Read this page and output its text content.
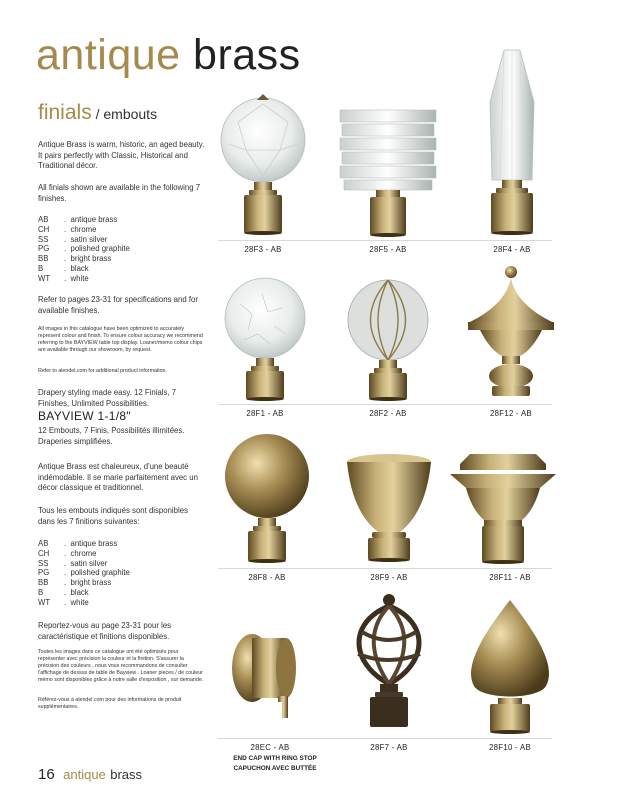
antique brass
finials / embouts
Antique Brass is warm, historic, an aged beauty. It pairs perfectly with Classic, Historical and Traditional décor.
All finials shown are available in the following 7 finishes.
AB	. antique brass
CH	. chrome
SS	. satin silver
PG	. polished graphite
BB	. bright brass
B	. black
WT	. white
Refer to pages 23-31 for specifications and for available finishes.
All images in this catalogue have been optimized to accurately represent colour and finish. To ensure colour accuracy we recommend referring to the BAYVIEW table top display. Loaner/memo colour chips are available through our showroom, by request.
Refer to alendel.com for additional product information.
Drapery styling made easy. 12 Finials, 7 Finishes, Unlimited Possibilities.
BAYVIEW 1-1/8"
12 Embouts, 7 Finis, Possibilités illimitées. Draperies simplifiées.
Antique Brass est chaleureux, d'une beauté indémodable. Il se marie parfaitement avec un décor classique et traditionnel.
Tous les embouts indiqués sont disponibles dans les 7 finitions suivantes:
AB	. antique brass
CH	. chrome
SS	. satin silver
PG	. polished graphite
BB	. bright brass
B	. black
WT	. white
Reportez-vous au page 23-31 pour les caractéristique et finitions disponibles.
Toutes les images dans ce catalogue ont été optimisés pour représenter avec précision la couleur et la finition. S'assurer la précision des couleurs , nous vous recommandons de consulter l'affichage de dessus de table de Bayview . Loaner pieces / de couleur mémo sont disponibles grâce à notre salle d'exposition , sur demande.
Référez-vous à alendel.com pour des informations de produit supplémentaires.
28F3 - AB	28F5 - AB	28F4 - AB
28F1 - AB	28F2 - AB	28F12 - AB
28F8 - AB	28F9 - AB	28F11 - AB
28EC - AB	28F7 - AB	28F10 - AB
END CAP WITH RING STOP CAPUCHON AVEC BUTTÉE
16 antique brass
